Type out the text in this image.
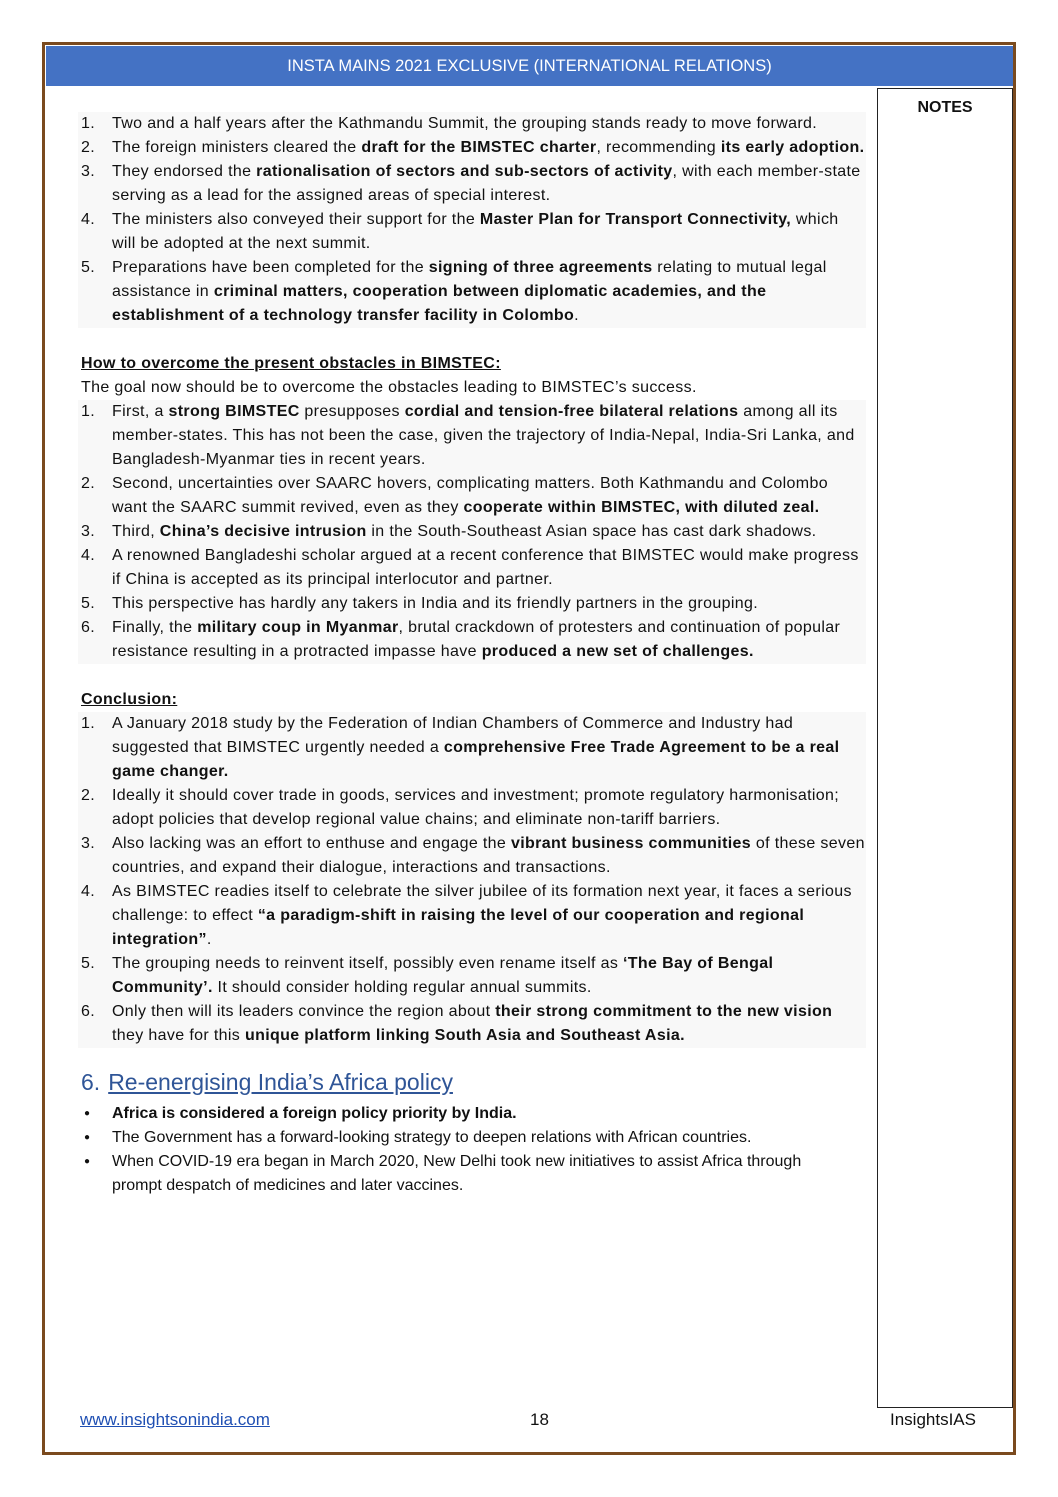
INSTA MAINS 2021 EXCLUSIVE (INTERNATIONAL RELATIONS)
NOTES
1. Two and a half years after the Kathmandu Summit, the grouping stands ready to move forward.
2. The foreign ministers cleared the draft for the BIMSTEC charter, recommending its early adoption.
3. They endorsed the rationalisation of sectors and sub-sectors of activity, with each member-state serving as a lead for the assigned areas of special interest.
4. The ministers also conveyed their support for the Master Plan for Transport Connectivity, which will be adopted at the next summit.
5. Preparations have been completed for the signing of three agreements relating to mutual legal assistance in criminal matters, cooperation between diplomatic academies, and the establishment of a technology transfer facility in Colombo.
How to overcome the present obstacles in BIMSTEC:
The goal now should be to overcome the obstacles leading to BIMSTEC’s success.
1. First, a strong BIMSTEC presupposes cordial and tension-free bilateral relations among all its member-states. This has not been the case, given the trajectory of India-Nepal, India-Sri Lanka, and Bangladesh-Myanmar ties in recent years.
2. Second, uncertainties over SAARC hovers, complicating matters. Both Kathmandu and Colombo want the SAARC summit revived, even as they cooperate within BIMSTEC, with diluted zeal.
3. Third, China’s decisive intrusion in the South-Southeast Asian space has cast dark shadows.
4. A renowned Bangladeshi scholar argued at a recent conference that BIMSTEC would make progress if China is accepted as its principal interlocutor and partner.
5. This perspective has hardly any takers in India and its friendly partners in the grouping.
6. Finally, the military coup in Myanmar, brutal crackdown of protesters and continuation of popular resistance resulting in a protracted impasse have produced a new set of challenges.
Conclusion:
1. A January 2018 study by the Federation of Indian Chambers of Commerce and Industry had suggested that BIMSTEC urgently needed a comprehensive Free Trade Agreement to be a real game changer.
2. Ideally it should cover trade in goods, services and investment; promote regulatory harmonisation; adopt policies that develop regional value chains; and eliminate non-tariff barriers.
3. Also lacking was an effort to enthuse and engage the vibrant business communities of these seven countries, and expand their dialogue, interactions and transactions.
4. As BIMSTEC readies itself to celebrate the silver jubilee of its formation next year, it faces a serious challenge: to effect “a paradigm-shift in raising the level of our cooperation and regional integration”.
5. The grouping needs to reinvent itself, possibly even rename itself as ‘The Bay of Bengal Community’. It should consider holding regular annual summits.
6. Only then will its leaders convince the region about their strong commitment to the new vision they have for this unique platform linking South Asia and Southeast Asia.
6. Re-energising India’s Africa policy
● Africa is considered a foreign policy priority by India.
● The Government has a forward-looking strategy to deepen relations with African countries.
● When COVID-19 era began in March 2020, New Delhi took new initiatives to assist Africa through prompt despatch of medicines and later vaccines.
www.insightsonindia.com	18	InsightsIAS
